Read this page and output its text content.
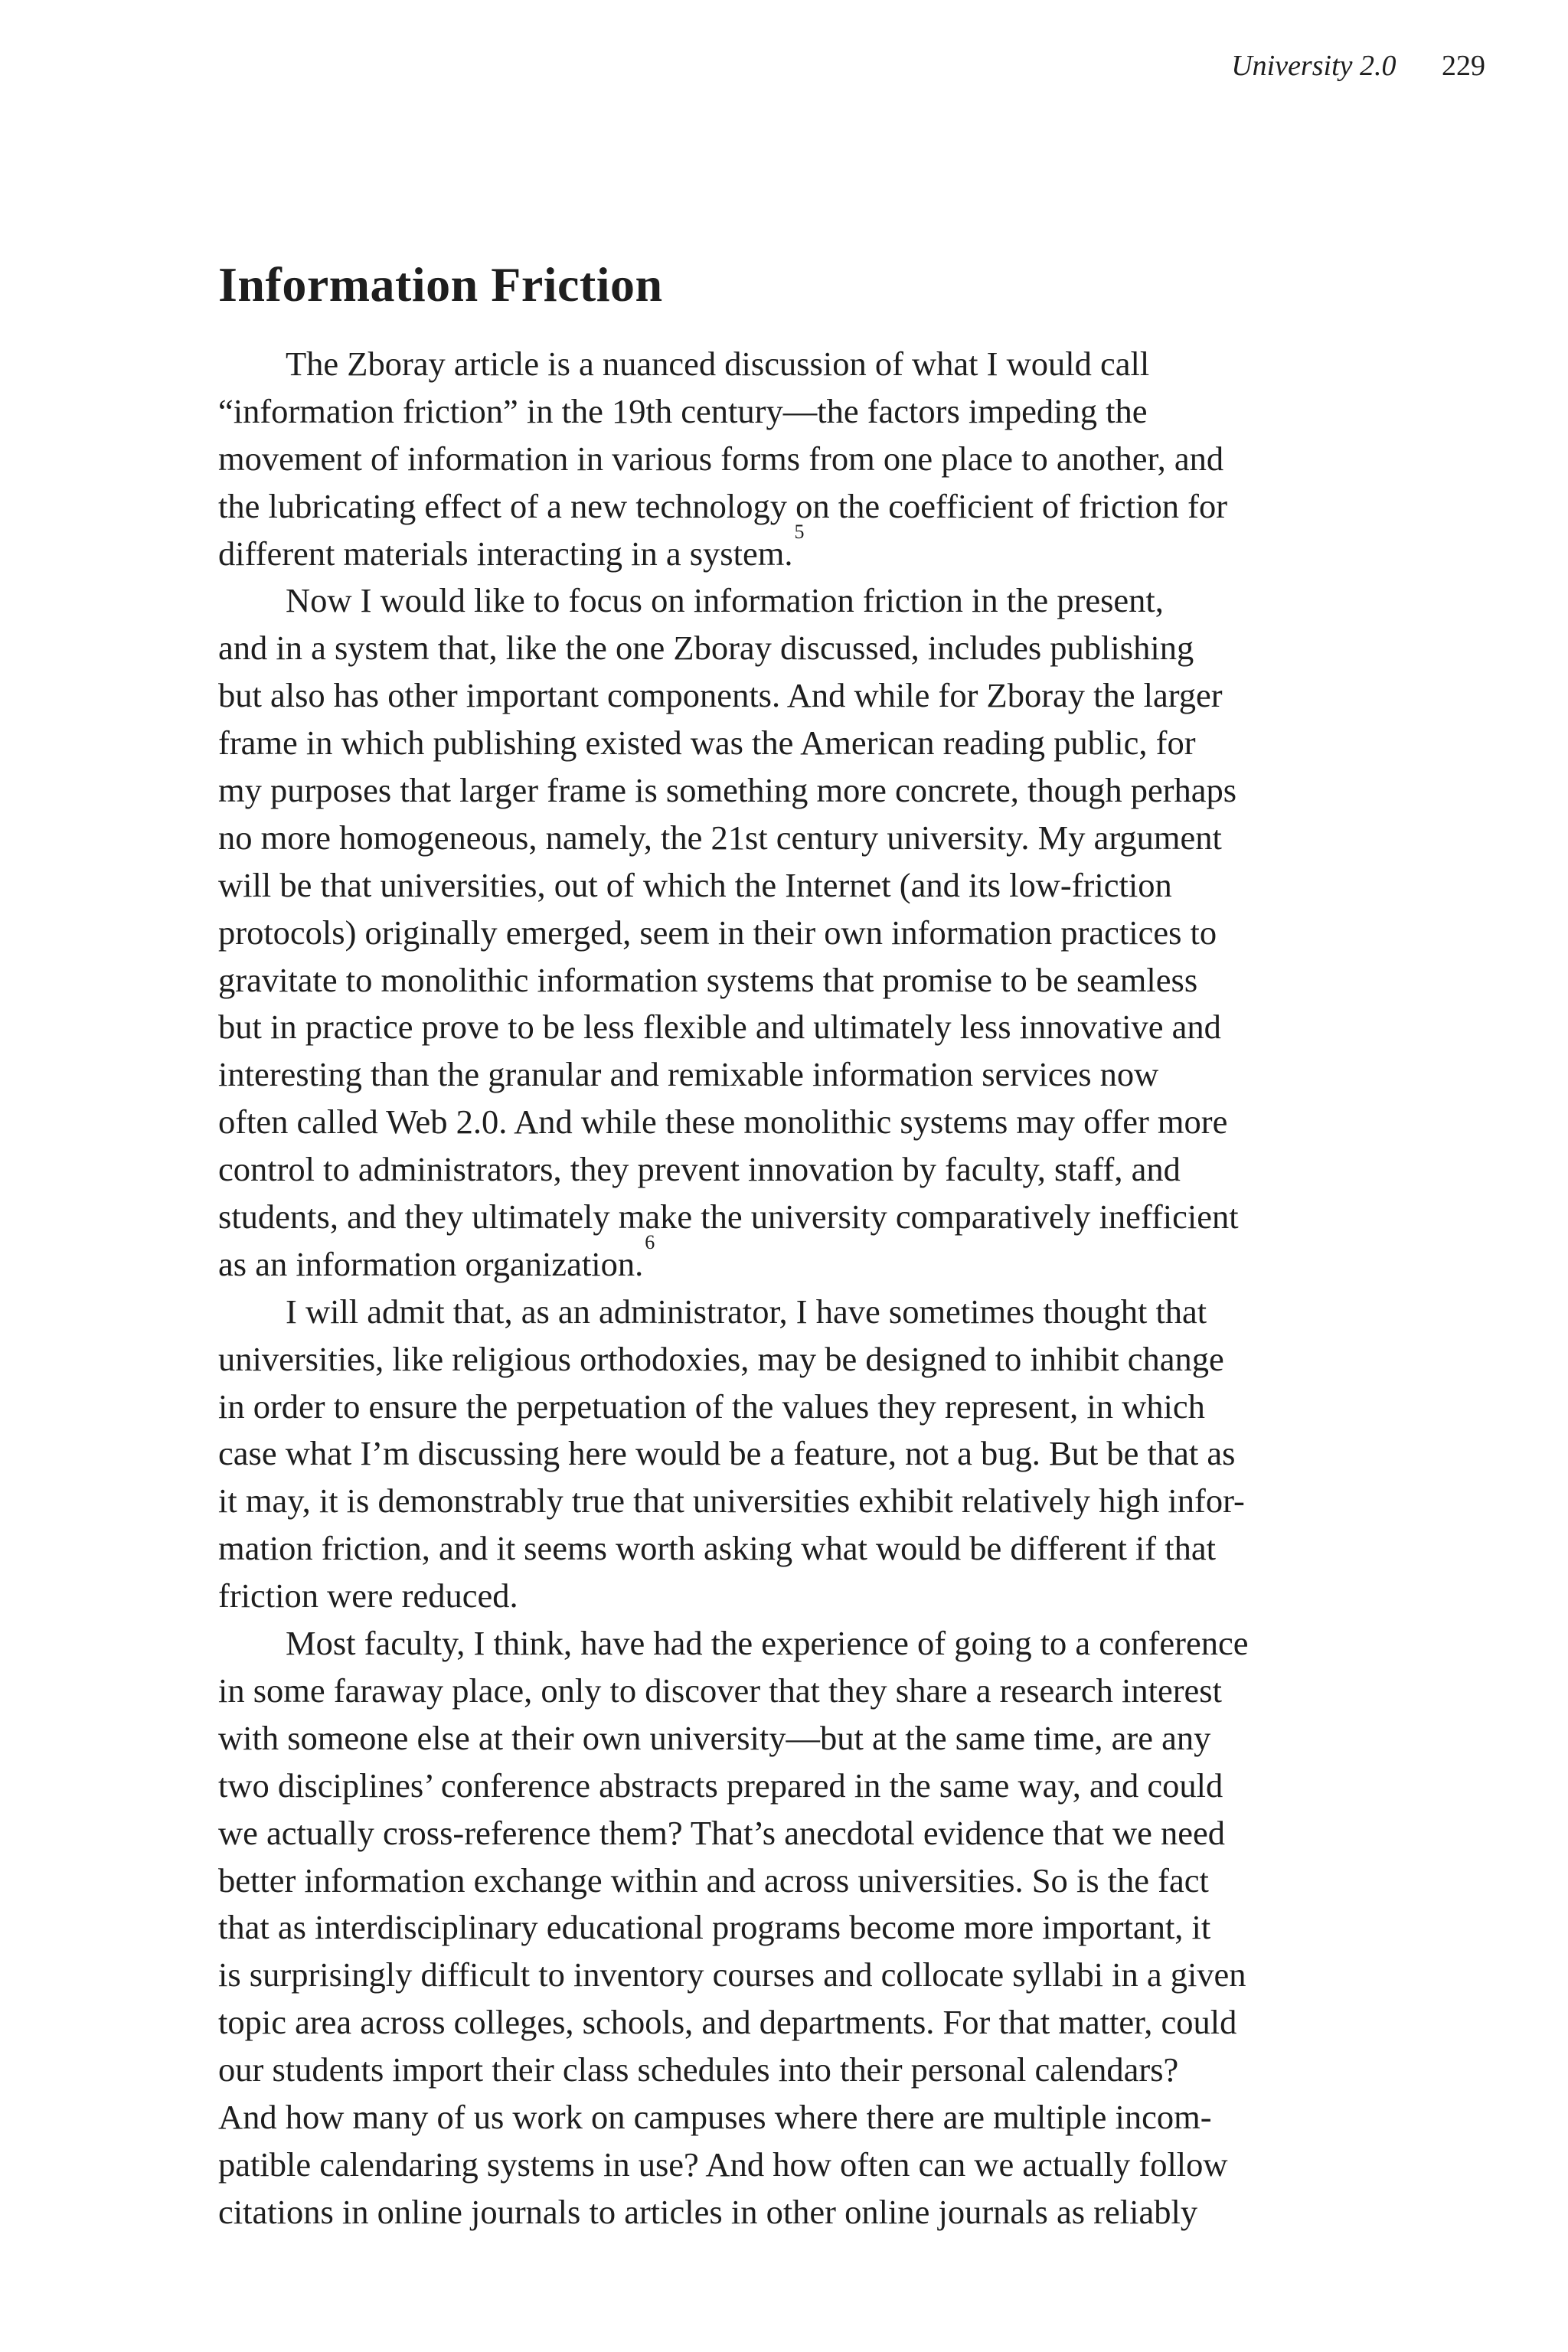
University 2.0 229
Information Friction
The Zboray article is a nuanced discussion of what I would call
“information friction” in the 19th century—the factors impeding the
movement of information in various forms from one place to another, and
the lubricating effect of a new technology on the coefficient of friction for
different materials interacting in a system.$^5$
Now I would like to focus on information friction in the present,
and in a system that, like the one Zboray discussed, includes publishing
but also has other important components. And while for Zboray the larger
frame in which publishing existed was the American reading public, for
my purposes that larger frame is something more concrete, though perhaps
no more homogeneous, namely, the 21st century university. My argument
will be that universities, out of which the Internet (and its low-friction
protocols) originally emerged, seem in their own information practices to
gravitate to monolithic information systems that promise to be seamless
but in practice prove to be less flexible and ultimately less innovative and
interesting than the granular and remixable information services now
often called Web 2.0. And while these monolithic systems may offer more
control to administrators, they prevent innovation by faculty, staff, and
students, and they ultimately make the university comparatively inefficient
as an information organization.$^6$
I will admit that, as an administrator, I have sometimes thought that
universities, like religious orthodoxies, may be designed to inhibit change
in order to ensure the perpetuation of the values they represent, in which
case what I’m discussing here would be a feature, not a bug. But be that as
it may, it is demonstrably true that universities exhibit relatively high infor-
mation friction, and it seems worth asking what would be different if that
friction were reduced.
Most faculty, I think, have had the experience of going to a conference
in some faraway place, only to discover that they share a research interest
with someone else at their own university—but at the same time, are any
two disciplines’ conference abstracts prepared in the same way, and could
we actually cross-reference them? That’s anecdotal evidence that we need
better information exchange within and across universities. So is the fact
that as interdisciplinary educational programs become more important, it
is surprisingly difficult to inventory courses and collocate syllabi in a given
topic area across colleges, schools, and departments. For that matter, could
our students import their class schedules into their personal calendars?
And how many of us work on campuses where there are multiple incom-
patible calendaring systems in use? And how often can we actually follow
citations in online journals to articles in other online journals as reliably
